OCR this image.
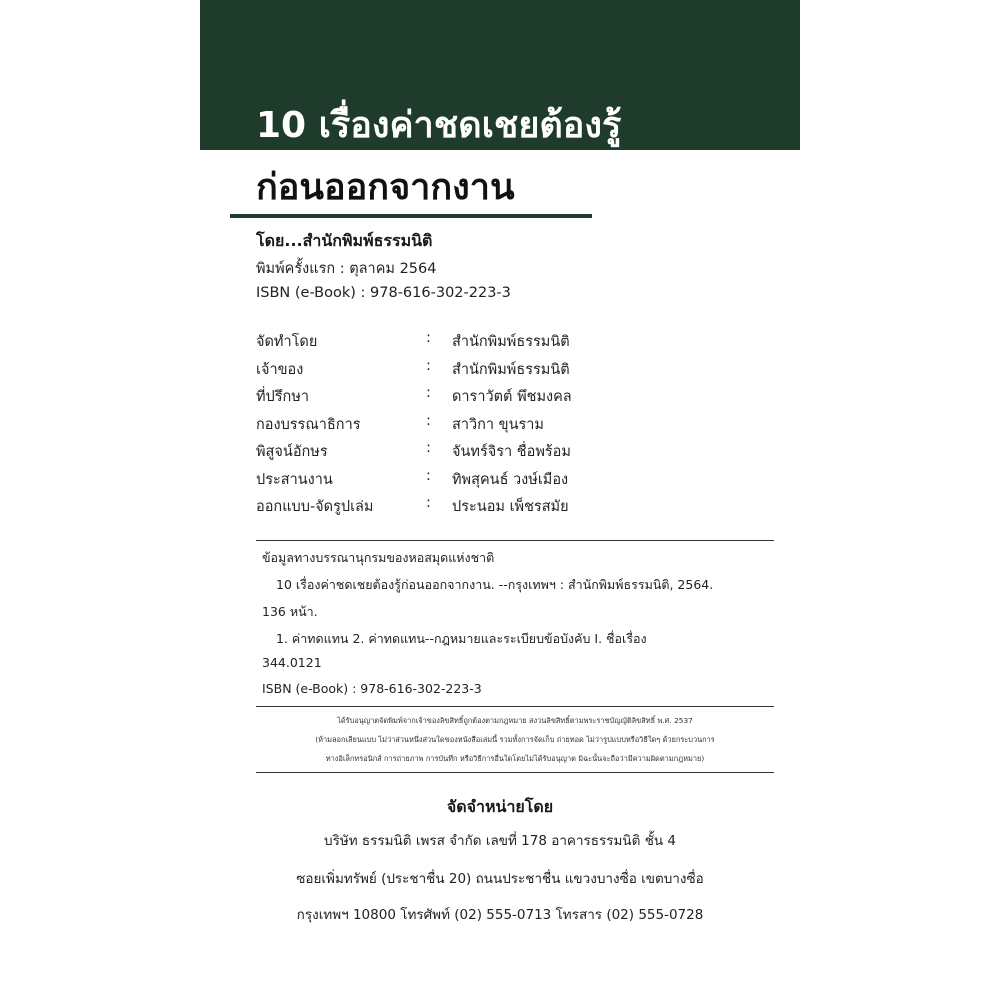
10 เรื่องค่าชดเชยต้องรู้
ก่อนออกจากงาน
โดย...สำนักพิมพ์ธรรมนิติ
พิมพ์ครั้งแรก : ตุลาคม 2564
ISBN (e-Book) : 978-616-302-223-3
จัดทำโดย	: สำนักพิมพ์ธรรมนิติ
เจ้าของ	: สำนักพิมพ์ธรรมนิติ
ที่ปรึกษา	: ดาราวัตต์ พึชมงคล
กองบรรณาธิการ	: สาวิกา ขุนราม
พิสูจน์อักษร	: จันทร์จิรา ชื่อพร้อม
ประสานงาน	: ทิพสุคนธ์ วงษ์เมือง
ออกแบบ-จัดรูปเล่ม	: ประนอม เพ็ชรสมัย
ข้อมูลทางบรรณานุกรมของหอสมุดแห่งชาติ
10 เรื่องค่าชดเชยต้องรู้ก่อนออกจากงาน. --กรุงเทพฯ : สำนักพิมพ์ธรรมนิติ, 2564.
136 หน้า.
1. ค่าทดแทน 2. ค่าทดแทน--กฎหมายและระเบียบข้อบังคับ I. ชื่อเรื่อง
344.0121
ISBN (e-Book) : 978-616-302-223-3
ได้รับอนุญาตจัดพิมพ์จากเจ้าของลิขสิทธิ์ถูกต้องตามกฎหมาย สงวนลิขสิทธิ์ตามพระราชบัญญัติลิขสิทธิ์ พ.ศ. 2537
(ห้ามลอกเลียนแบบ ไม่ว่าส่วนหนึ่งส่วนใดของหนังสือเล่มนี้ รวมทั้งการจัดเก็บ ถ่ายทอด ไม่ว่ารูปแบบหรือวิธีใดๆ ด้วยกระบวนการ
ทางอิเล็กทรอนิกส์ การถ่ายภาพ การบันทึก หรือวิธีการอื่นใดโดยไม่ได้รับอนุญาต มิฉะนั้นจะถือว่ามีความผิดตามกฎหมาย)
จัดจำหน่ายโดย
บริษัท ธรรมนิติ เพรส จำกัด เลขที่ 178 อาคารธรรมนิติ ชั้น 4
ซอยเพิ่มทรัพย์ (ประชาชื่น 20) ถนนประชาชื่น แขวงบางซื่อ เขตบางซื่อ
กรุงเทพฯ 10800 โทรศัพท์ (02) 555-0713 โทรสาร (02) 555-0728
